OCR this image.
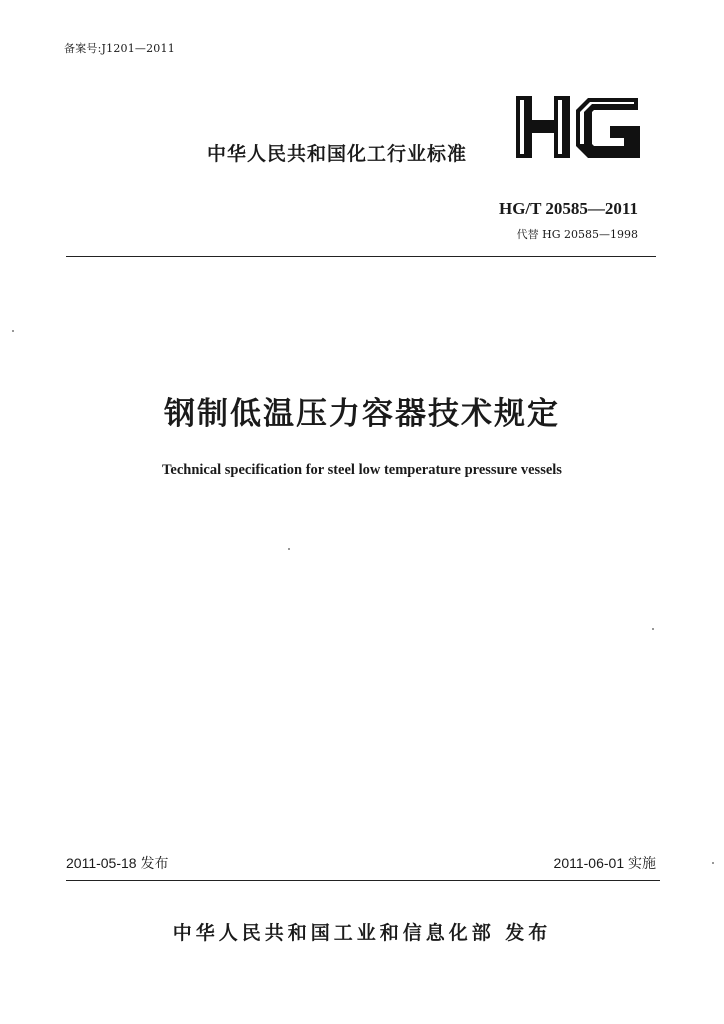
备案号:J1201—2011
中华人民共和国化工行业标准
HG/T 20585—2011
代替 HG 20585—1998
钢制低温压力容器技术规定
Technical specification for steel low temperature pressure vessels
2011-05-18 发布	2011-06-01 实施
中华人民共和国工业和信息化部 发布
